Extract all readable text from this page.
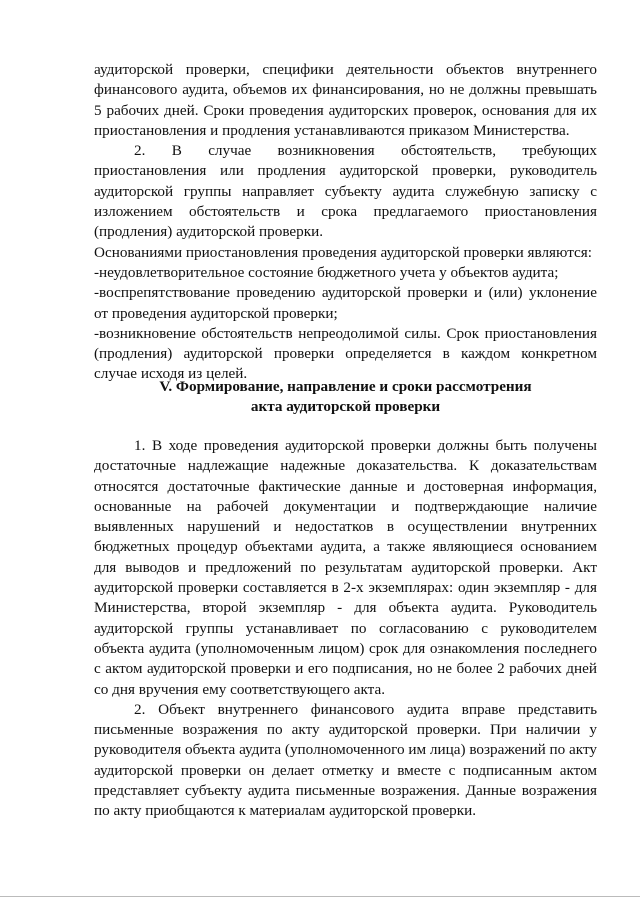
аудиторской проверки, специфики деятельности объектов внутреннего финансового аудита, объемов их финансирования, но не должны превышать 5 рабочих дней. Сроки проведения аудиторских проверок, основания для их приостановления и продления устанавливаются приказом Министерства.

2. В случае возникновения обстоятельств, требующих приостановления или продления аудиторской проверки, руководитель аудиторской группы направляет субъекту аудита служебную записку с изложением обстоятельств и срока предлагаемого приостановления (продления) аудиторской проверки.

Основаниями приостановления проведения аудиторской проверки являются:

-неудовлетворительное состояние бюджетного учета у объектов аудита;

-воспрепятствование проведению аудиторской проверки и (или) уклонение от проведения аудиторской проверки;

-возникновение обстоятельств непреодолимой силы. Срок приостановления (продления) аудиторской проверки определяется в каждом конкретном случае исходя из целей.

V. Формирование, направление и сроки рассмотрения
акта аудиторской проверки

1. В ходе проведения аудиторской проверки должны быть получены достаточные надлежащие надежные доказательства. К доказательствам относятся достаточные фактические данные и достоверная информация, основанные на рабочей документации и подтверждающие наличие выявленных нарушений и недостатков в осуществлении внутренних бюджетных процедур объектами аудита, а также являющиеся основанием для выводов и предложений по результатам аудиторской проверки. Акт аудиторской проверки составляется в 2-х экземплярах: один экземпляр - для Министерства, второй экземпляр - для объекта аудита. Руководитель аудиторской группы устанавливает по согласованию с руководителем объекта аудита (уполномоченным лицом) срок для ознакомления последнего с актом аудиторской проверки и его подписания, но не более 2 рабочих дней со дня вручения ему соответствующего акта.

2. Объект внутреннего финансового аудита вправе представить письменные возражения по акту аудиторской проверки. При наличии у руководителя объекта аудита (уполномоченного им лица) возражений по акту аудиторской проверки он делает отметку и вместе с подписанным актом представляет субъекту аудита письменные возражения. Данные возражения по акту приобщаются к материалам аудиторской проверки.
